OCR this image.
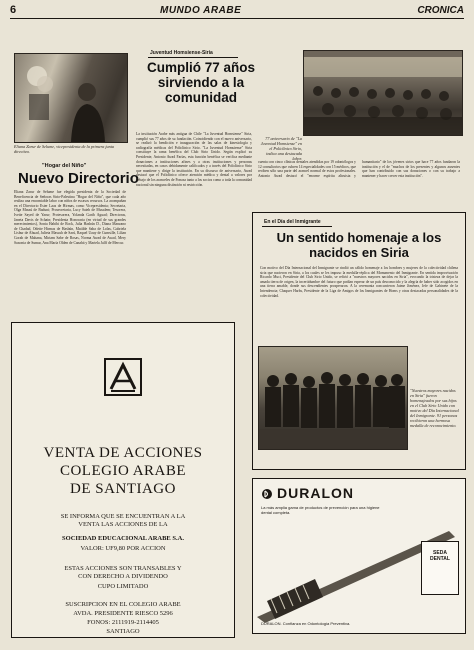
6	MUNDO ARABE	CRONICA
Eliana Zarur de Selume, vicepresidenta de la primera junta directiva.
"Hogar del Niño"
Nuevo Directorio
Eliana Zarur de Selume fue elegida presidenta de la Sociedad de Beneficencia de Señoras Sirio-Palestina "Hogar del Niño", que cada año realiza una encomiable labor con niños de escasos recursos. La acompañan en el Directorio Ester Laas de Hirmas, como Vicepresidenta; Secretaria, Olga Massú de Baduni; Prosecretaria, Lucy Saieh de Musalem; Tesorera, Ivette Sayed de Yarur; Protesorera, Yolanda Garib Aguad; Directoras, Janeta Davis de Schain; Presidenta Honoraria (en virtud de sus grandes merecimientos), Sonia Habibi de Rock, Julia Hasbún D., Diana Manzano de Chadad, Odette Hirmas de Hasbún, Matilde Saba de Lolas, Gabriela Lisbur de Ahuad, Julieta Massuh de Sarú, Raquel Uauy de Cumsille, Lilian Gorab de Mahana, Miriam Sabe de Rosas, Norma Awad de Awad, Mery Saxonia de Sumar, Ana María Olden de Canahá y Mariela Jalff de Mercur.
Juventud Homsiense-Siria
Cumplió 77 años sirviendo a la comunidad
La institución Árabe más antigua de Chile "La Juventud Homsiense" Siria, cumplió sus 77 años de su fundación. Coincidiendo con el nuevo aniversario, se realizó la bendición e inauguración de las salas de kinesiología y radiografía médicas del Policlínico Sirio. "La Juventud Homsiense" Siria constituye la rama benéfica del Club Sirio Unido. Según explicó su Presidente, Antonio Awad Farías, esta función benéfica se verifica mediante donaciones a instituciones afines y a otras instituciones y personas necesitadas, en casos debidamente calificados y a través del Policlínico Sirio que mantiene y dirige la institución. En su discurso de aniversario, Awad destacó que el Policlínico ofrece atención médica y dental a valores por debajo de los aranceles de Fonasa tanto a los socios como a toda la comunidad nacional sin ninguna distinción ni restricción.
77 aniversario de "La Juventud Homsiense" en el Policlínico Sirio, indica una destacada labor.
cuenta con cinco clínicas dentales atendidas por 19 odontólogos y 12 consultorios que cubren 14 especialidades con 15 médicos, que reciben sólo una parte del arancel normal de estos profesionales. Antonio Awad destacó el "enorme espíritu altruista y humanitario" de los jóvenes sirios que hace 77 años fundaron la institución y el de "muchos de los presentes y algunos ausentes que han contribuido con sus donaciones o con su trabajo a mantener y hacer crecer esta institución".
En el Día del Inmigrante
Un sentido homenaje a los nacidos en Siria
Con motivo del Día Internacional del Inmigrante se rindió un cálido homenaje a los hombres y mujeres de la colectividad chilena siria que nacieron en Siria, a los cuales se les impuso la medalla-réplica del Monumento del Inmigrante. En sentida improvisación Ricardo Muci, Presidente del Club Sirio Unido, se refirió a "nuestros mayores nacidos en Siria", evocando la tristeza de dejar la amada tierra de origen, la incertidumbre del futuro que podían esperar de un país desconocido y la alegría de haber sido acogidos en una tierra amable, donde sus descendientes prosperaron. A la ceremonia concurrieron Jaime Jiménez, Jefe de Gabinete de la Intendencia; Chaquer Harbs, Presidente de la Liga de Amigos de los Inmigrantes de Homs y otras destacadas personalidades de la colectividad.
"Nuestros mayores nacidos en Siria" fueron homenajeados por sus hijos en el Club Sirio Unido con motivo del Día Internacional del Inmigrante. 91 personas recibieron una hermosa medalla de reconocimiento.
VENTA DE ACCIONES
COLEGIO ARABE
DE SANTIAGO
SE INFORMA QUE SE ENCUENTRAN A LA VENTA LAS ACCIONES DE LA
SOCIEDAD EDUCACIONAL ARABE S.A.
VALOR: UF9,80 POR ACCION
ESTAS ACCIONES SON TRANSABLES Y CON DERECHO A DIVIDENDO
CUPO LIMITADO
SUSCRIPCION EN EL COLEGIO ARABE
AVDA. PRESIDENTE RIESCO 5296
FONOS: 2111919-2114405
SANTIAGO
DURALON
La más amplia gama de productos de prevención para una higiene dental completa.
SEDA DENTAL
DURALON. Confianza en Odontología Preventiva.
